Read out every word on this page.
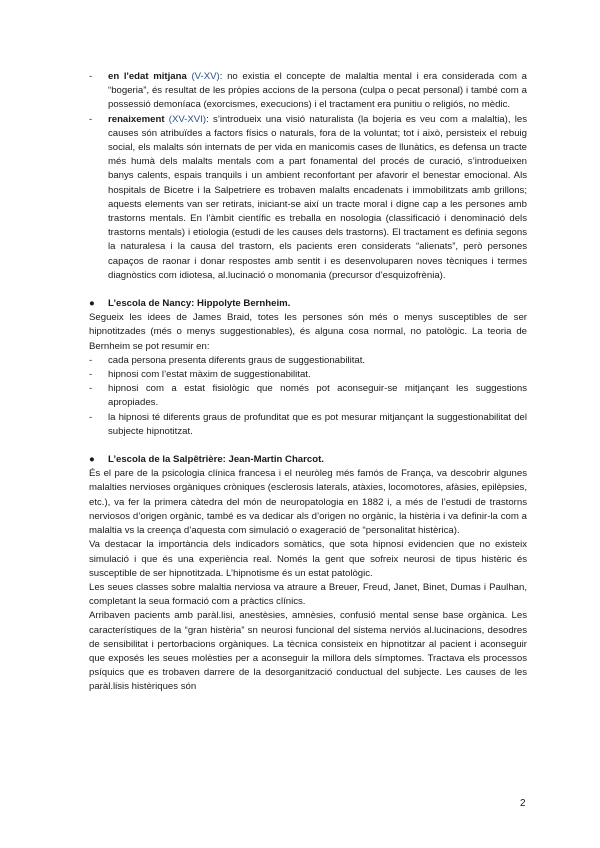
-	en l'edat mitjana (V-XV): no existia el concepte de malaltia mental i era considerada com a “bogeria”, és resultat de les pròpies accions de la persona (culpa o pecat personal) i també com a possessió demoníaca (exorcismes, execucions) i el tractament era punitiu o religiós, no mèdic.
-	renaixement (XV-XVI): s’introdueix una visió naturalista (la bojeria es veu com a malaltia), les causes són atribuïdes a factors físics o naturals, fora de la voluntat; tot i això, persisteix el rebuig social, els malalts són internats de per vida en manicomis cases de llunàtics, es defensa un tracte més humà dels malalts mentals com a part fonamental del procés de curació, s’introdueixen banys calents, espais tranquils i un ambient reconfortant per afavorir el benestar emocional. Als hospitals de Bicetre i la Salpetriere es trobaven malalts encadenats i immobilitzats amb grillons; aquests elements van ser retirats, iniciant-se així un tracte moral i digne cap a les persones amb trastorns mentals. En l’àmbit científic es treballa en nosologia (classificació i denominació dels trastorns mentals) i etiologia (estudi de les causes dels trastorns). El tractament es definia segons la naturalesa i la causa del trastorn, els pacients eren considerats “alienats”, però persones capaços de raonar i donar respostes amb sentit i es desenvoluparen noves tècniques i termes diagnòstics com idiotesa, al.lucinació o monomania (precursor d’esquizofrènia).
●	L’escola de Nancy: Hippolyte Bernheim.

Segueix les idees de James Braid, totes les persones són més o menys susceptibles de ser hipnotitzades (més o menys suggestionables), és alguna cosa normal, no patològic. La teoria de Bernheim se pot resumir en:

-	cada persona presenta diferents graus de suggestionabilitat.
-	hipnosi com l’estat màxim de suggestionabilitat.
-	hipnosi com a estat fisiològic que només pot aconseguir-se mitjançant les suggestions apropiades.
-	la hipnosi té diferents graus de profunditat que es pot mesurar mitjançant la suggestionabilitat del subjecte hipnotitzat.
●	L’escola de la Salpêtrière: Jean-Martin Charcot.

És el pare de la psicologia clínica francesa i el neuròleg més famós de França, va descobrir algunes malalties nervioses orgàniques cròniques (esclerosis laterals, atàxies, locomotores, afàsies, epilèpsies, etc.), va fer la primera càtedra del món de neuropatologia en 1882 i, a més de l’estudi de trastorns nerviosos d’origen orgànic, també es va dedicar als d’origen no orgànic, la histèria i va definir-la com a malaltia vs la creença d’aquesta com simulació o exageració de “personalitat histèrica).

Va destacar la importància dels indicadors somàtics, que sota hipnosi evidencien que no existeix simulació i que és una experiència real. Només la gent que sofreix neurosi de tipus histèric és susceptible de ser hipnotitzada. L’hipnotisme és un estat patològic.

Les seues classes sobre malaltia nerviosa va atraure a Breuer, Freud, Janet, Binet, Dumas i Paulhan, completant la seua formació com a pràctics clínics.

Arribaven pacients amb paràl.lisi, anestèsies, amnèsies, confusió mental sense base orgànica. Les característiques de la “gran histèria” sn neurosi funcional del sistema nerviós al.lucinacions, desodres de sensibilitat i pertorbacions orgàniques. La tècnica consisteix en hipnotitzar al pacient i aconseguir que exposés les seues molèsties per a aconseguir la millora dels símptomes. Tractava els processos psíquics que es trobaven darrere de la desorganització conductual del subjecte. Les causes de les paràl.lisis histèriques són

2
